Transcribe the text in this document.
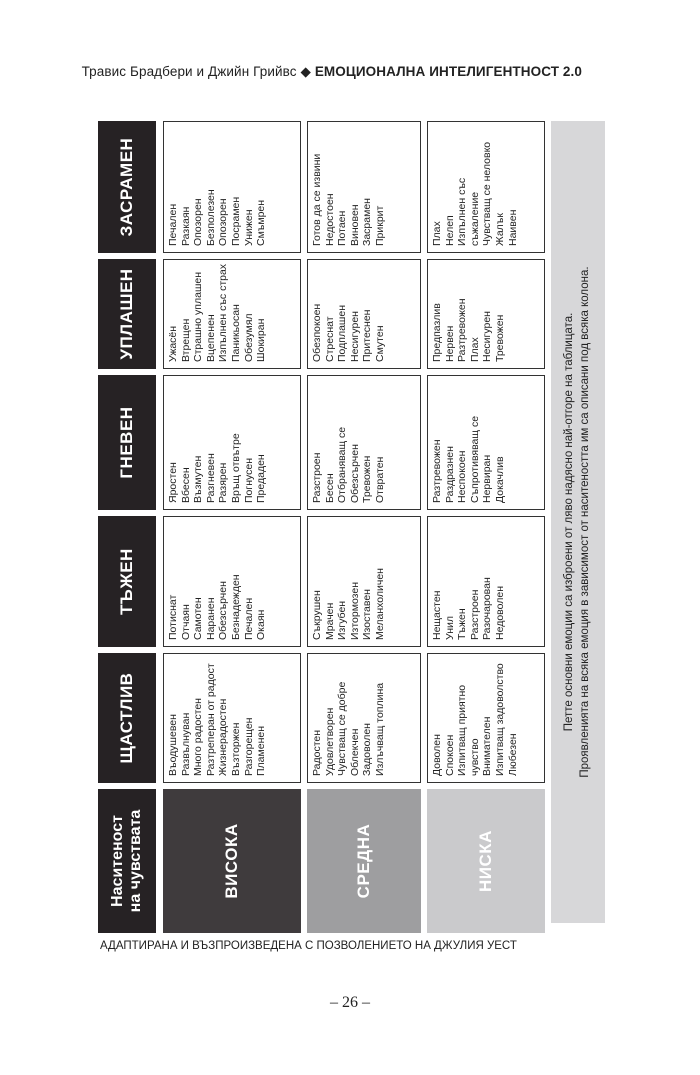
Травис Брадбери и Джийн Грийвс ◆ ЕМОЦИОНАЛНА ИНТЕЛИГЕНТНОСТ 2.0
Наситеност на чувствата
ЩАСТЛИВ
ТЪЖЕН
ГНЕВЕН
УПЛАШЕН
ЗАСРАМЕН
ВИСОКА
Въодушевен Развълнуван Много радостен Разтреперан от радост Жизнерадостен Възторжен Разгорещен Пламенен
Потиснат Отчаян Самотен Наранен Обезсърчен Безнадежден Печален Окаян
Яростен Вбесен Възмутен Разгневен Разярен Връщ отвътре Погнусен Предаден
Ужасён Втрещен Страшно уплашен Вцепенен Изпълнен със страх Паникьосан Обезумял Шокиран
Печален Разкаян Опозорен Безполезен Опозорен Посрамен Унижен Смъмрен
СРЕДНА
Радостен Удовлетворен Чувстващ се добре Облекчен Задоволен Излъчващ топлина
Съкрушен Мрачен Изгубен Изтормозен Изоставен Меланхоличен
Разстроен Бесен Отбраняващ се Обезсърчен Тревожен Отвратен
Обезпокоен Стреснат Подплашен Несигурен Притеснен Смутен
Готов да се извини Недостоен Потаен Виновен Засрамен Прикрит
НИСКА
Доволен Спокоен Изпитващ приятно чувство Внимателен Изпитващ задоволство Любезен
Нещастен Унил Тъжен Разстроен Разочарован Недоволен
Разтревожен Раздразнен Неспокоен Съпротивяващ се Нервиран Докачлив
Предпазлив Нервен Разтревожен Плах Несигурен Тревожен
Плах Нелеп Изпълнен със съжаление Чувстващ се неловко Жалък Наивен
Петте основни емоции са изброени от ляво надясно най-отгоре на таблицата. Проявленията на всяка емоция в зависимост от наситеността им са описани под всяка колона.
АДАПТИРАНА И ВЪЗПРОИЗВЕДЕНА С ПОЗВОЛЕНИЕТО НА ДЖУЛИЯ УЕСТ
– 26 –
